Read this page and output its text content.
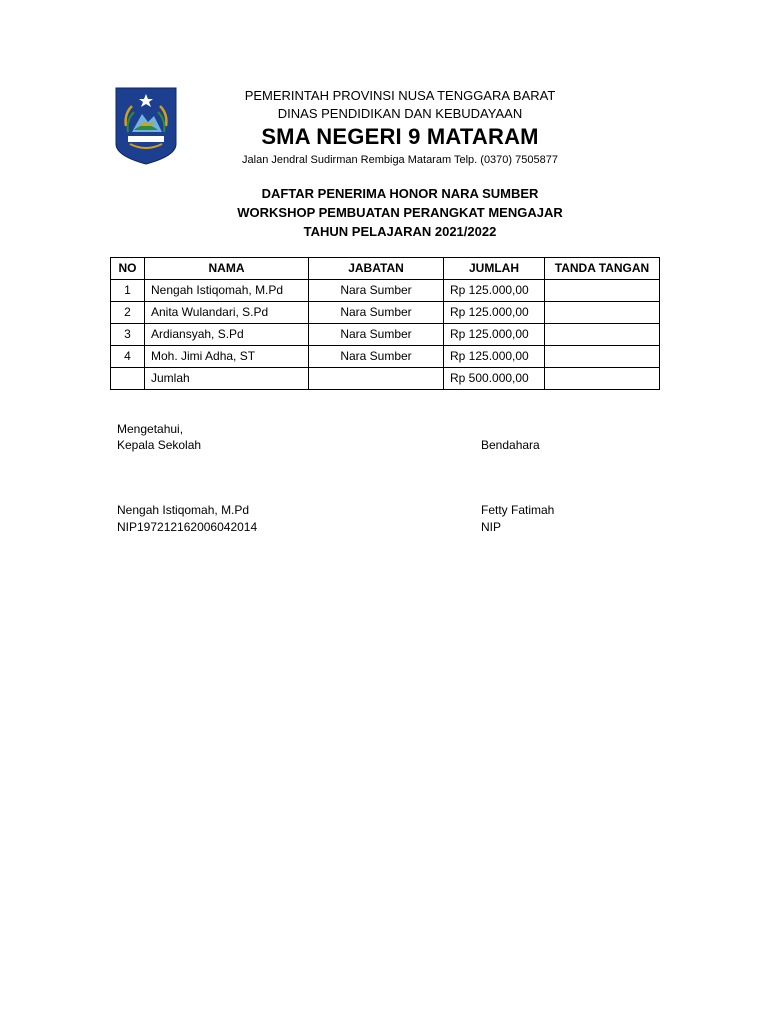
PEMERINTAH PROVINSI NUSA TENGGARA BARAT
DINAS PENDIDIKAN DAN KEBUDAYAAN
SMA NEGERI 9 MATARAM
Jalan Jendral Sudirman Rembiga Mataram Telp. (0370) 7505877
DAFTAR PENERIMA HONOR NARA SUMBER
WORKSHOP PEMBUATAN PERANGKAT MENGAJAR
TAHUN PELAJARAN 2021/2022
NO	NAMA	JABATAN	JUMLAH	TANDA TANGAN
1	Nengah Istiqomah, M.Pd	Nara Sumber	Rp 125.000,00	
2	Anita Wulandari, S.Pd	Nara Sumber	Rp 125.000,00	
3	Ardiansyah, S.Pd	Nara Sumber	Rp 125.000,00	
4	Moh. Jimi Adha, ST	Nara Sumber	Rp 125.000,00	
	Jumlah		Rp 500.000,00	
Mengetahui,
Kepala Sekolah	Bendahara
Nengah Istiqomah, M.Pd
NIP197212162006042014
Fetty Fatimah
NIP
